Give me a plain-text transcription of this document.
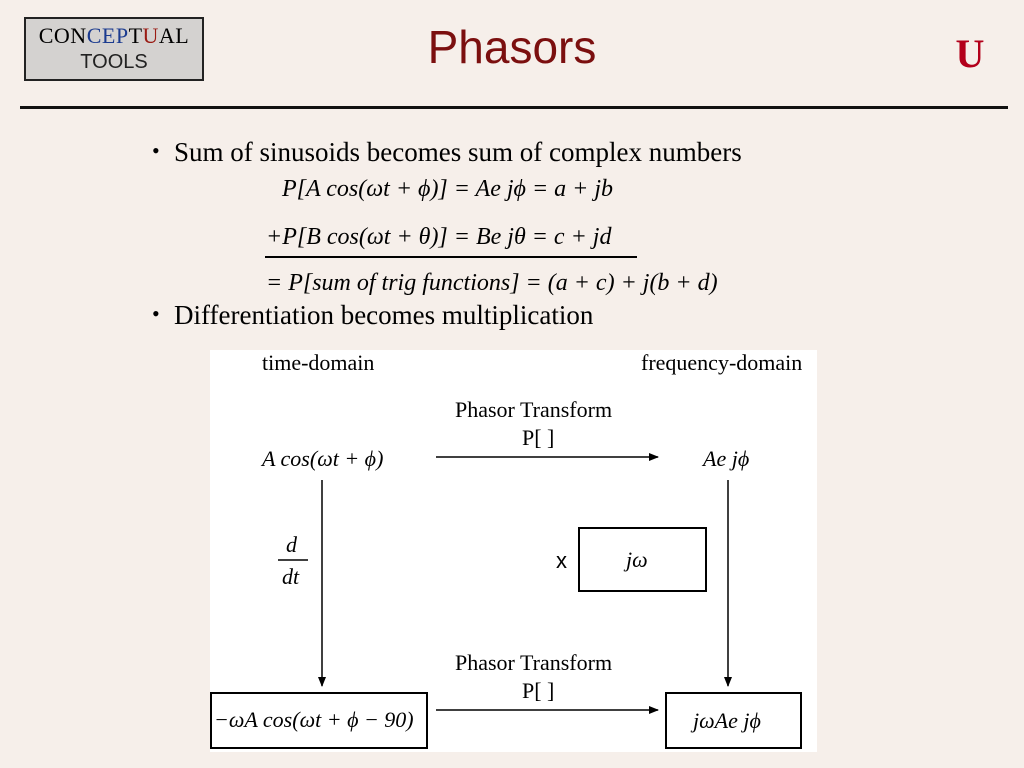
CONCEPTUAL
TOOLS	Phasors	U
• Sum of sinusoids becomes sum of complex numbers
P[A cos(ωt + ϕ)] = Ae jϕ = a + jb
+P[B cos(ωt + θ)] = Be jθ = c + jd
= P[sum of trig functions] = (a + c) + j(b + d)
• Differentiation becomes multiplication
time-domain	frequency-domain
Phasor Transform
P[ ]
A cos(ωt + ϕ)	Ae jϕ
d
dt
x	jω
Phasor Transform
P[ ]
−ωA cos(ωt + ϕ − 90)	jωAe jϕ
